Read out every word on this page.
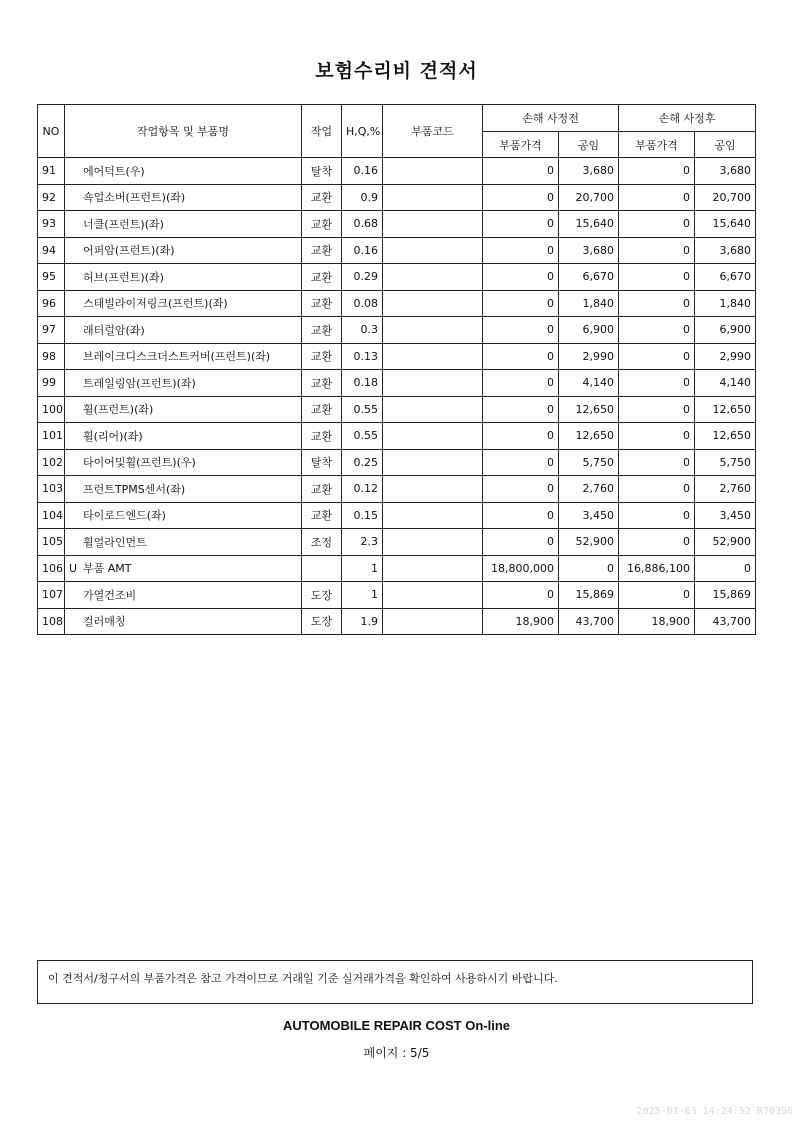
보험수리비 견적서
NO	작업항목 및 부품명	작업	H,Q,%	부품코드	손해 사정전		손해 사정후	
					부품가격	공임	부품가격	공임
91	에어덕트(우)	탈착	0.16		0	3,680	0	3,680
92	쇽업소버(프런트)(좌)	교환	0.9		0	20,700	0	20,700
93	너클(프런트)(좌)	교환	0.68		0	15,640	0	15,640
94	어퍼암(프런트)(좌)	교환	0.16		0	3,680	0	3,680
95	허브(프런트)(좌)	교환	0.29		0	6,670	0	6,670
96	스태빌라이저링크(프런트)(좌)	교환	0.08		0	1,840	0	1,840
97	래터럴암(좌)	교환	0.3		0	6,900	0	6,900
98	브레이크디스크더스트커버(프런트)(좌)	교환	0.13		0	2,990	0	2,990
99	트레일링암(프런트)(좌)	교환	0.18		0	4,140	0	4,140
100	휠(프런트)(좌)	교환	0.55		0	12,650	0	12,650
101	휠(리어)(좌)	교환	0.55		0	12,650	0	12,650
102	타이어및휠(프런트)(우)	탈착	0.25		0	5,750	0	5,750
103	프런트TPMS센서(좌)	교환	0.12		0	2,760	0	2,760
104	타이로드엔드(좌)	교환	0.15		0	3,450	0	3,450
105	휠얼라인먼트	조정	2.3		0	52,900	0	52,900
106	U 부품 AMT		1		18,800,000	0	16,886,100	0
107	가열건조비	도장	1		0	15,869	0	15,869
108	컬러매칭	도장	1.9		18,900	43,700	18,900	43,700
이 견적서/청구서의 부품가격은 참고 가격이므로 거래일 기준 실거래가격을 확인하여 사용하시기 바랍니다.
AUTOMOBILE REPAIR COST On-line
페이지 : 5/5
2025-01-03 14:24:52 R70396
